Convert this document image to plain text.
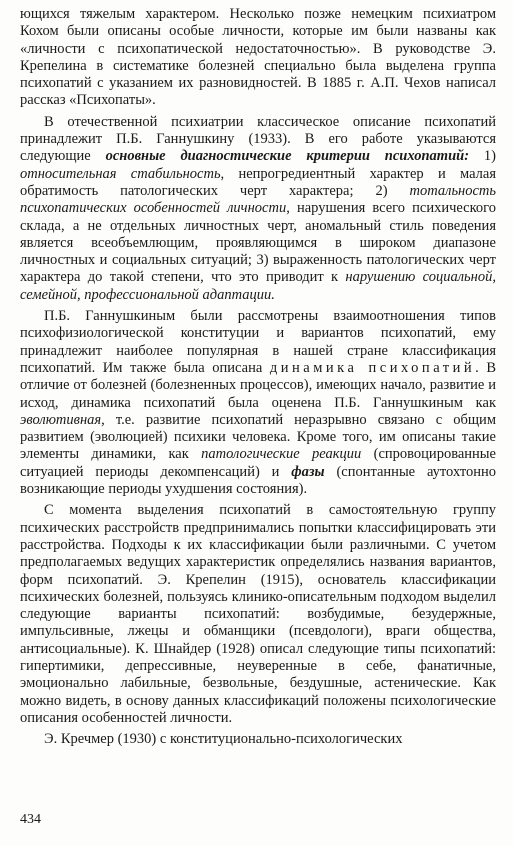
ющихся тяжелым характером. Несколько позже немецким психиатром Кохом были описаны особые личности, которые им были названы как «личности с психопатической недостаточностью». В руководстве Э. Крепелина в систематике болезней специально была выделена группа психопатий с указанием их разновидностей. В 1885 г. А.П. Чехов написал рассказ «Психопаты».

В отечественной психиатрии классическое описание психопатий принадлежит П.Б. Ганнушкину (1933). В его работе указываются следующие основные диагностические критерии психопатий: 1) относительная стабильность, непрогредиентный характер и малая обратимость патологических черт характера; 2) тотальность психопатических особенностей личности, нарушения всего психического склада, а не отдельных личностных черт, аномальный стиль поведения является всеобъемлющим, проявляющимся в широком диапазоне личностных и социальных ситуаций; 3) выраженность патологических черт характера до такой степени, что это приводит к нарушению социальной, семейной, профессиональной адаптации.

П.Б. Ганнушкиным были рассмотрены взаимоотношения типов психофизиологической конституции и вариантов психопатий, ему принадлежит наиболее популярная в нашей стране классификация психопатий. Им также была описана динамика психопатий. В отличие от болезней (болезненных процессов), имеющих начало, развитие и исход, динамика психопатий была оценена П.Б. Ганнушкиным как эволютивная, т.е. развитие психопатий неразрывно связано с общим развитием (эволюцией) психики человека. Кроме того, им описаны такие элементы динамики, как патологические реакции (спровоцированные ситуацией периоды декомпенсаций) и фазы (спонтанные аутохтонно возникающие периоды ухудшения состояния).

С момента выделения психопатий в самостоятельную группу психических расстройств предпринимались попытки классифицировать эти расстройства. Подходы к их классификации были различными. С учетом предполагаемых ведущих характеристик определялись названия вариантов, форм психопатий. Э. Крепелин (1915), основатель классификации психических болезней, пользуясь клинико-описательным подходом выделил следующие варианты психопатий: возбудимые, безудержные, импульсивные, лжецы и обманщики (псевдологи), враги общества, антисоциальные). К. Шнайдер (1928) описал следующие типы психопатий: гипертимики, депрессивные, неуверенные в себе, фанатичные, эмоционально лабильные, безвольные, бездушные, астенические. Как можно видеть, в основу данных классификаций положены психологические описания особенностей личности.

Э. Кречмер (1930) с конституционально-психологических

434
